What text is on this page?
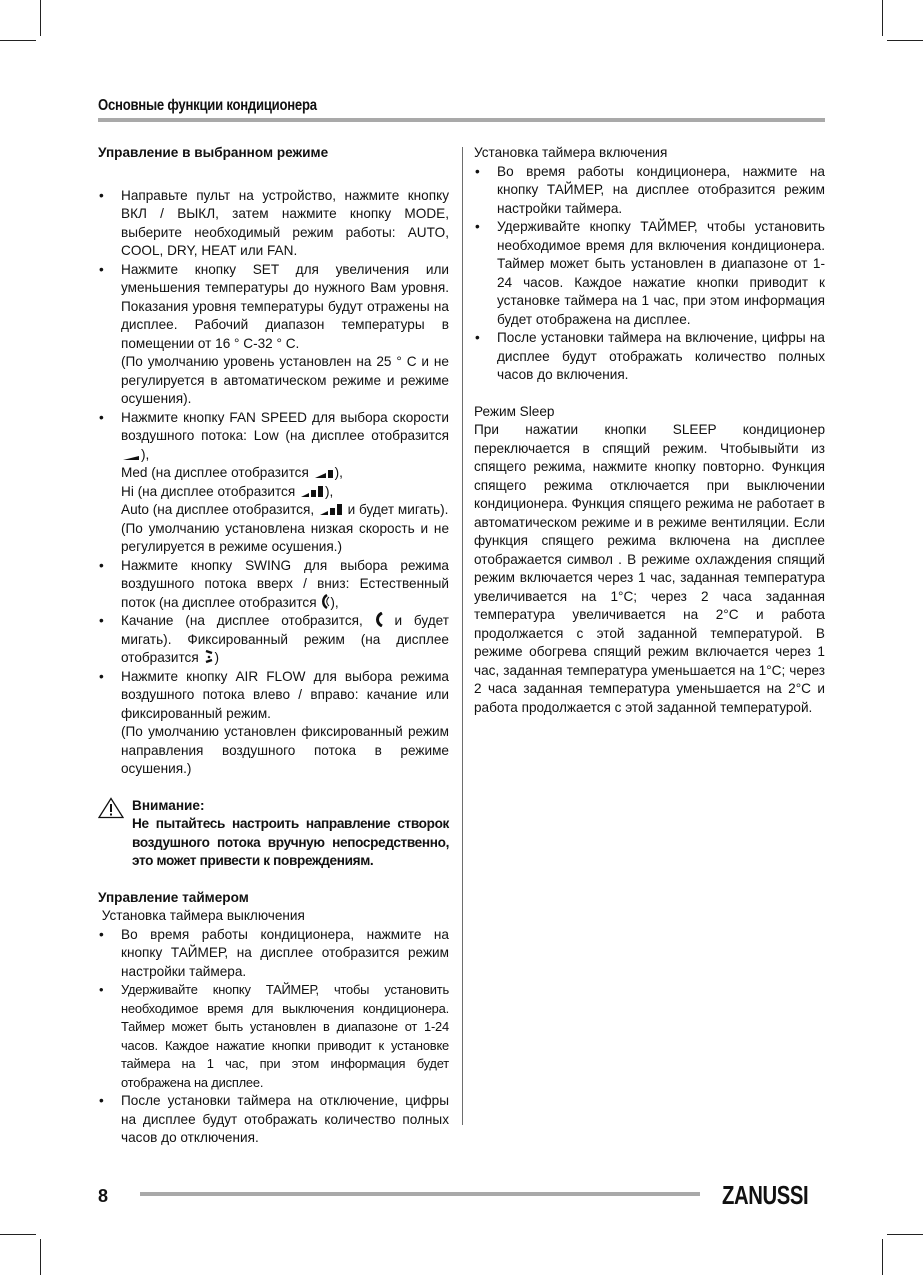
Основные функции кондиционера

Управление в выбранном режиме

• Направьте пульт на устройство, нажмите кнопку ВКЛ / ВЫКЛ, затем нажмите кнопку MODE, выберите необходимый режим работы: AUTO, COOL, DRY, HEAT или FAN.
• Нажмите кнопку SET для увеличения или уменьшения температуры до нужного Вам уровня. Показания уровня температуры будут отражены на дисплее. Рабочий диапазон температуры в помещении от 16 ° С-32 ° С.
(По умолчанию уровень установлен на 25 ° С и не регулируется в автоматическом режиме и режиме осушения).
• Нажмите кнопку FAN SPEED для выбора скорости воздушного потока: Low (на дисплее отобразится ),
Med (на дисплее отобразится ),
Hi (на дисплее отобразится ),
Auto (на дисплее отобразится, и будет мигать).
(По умолчанию установлена низкая скорость и не регулируется в режиме осушения.)
• Нажмите кнопку SWING для выбора режима воздушного потока вверх / вниз: Естественный поток (на дисплее отобразится ),
• Качание (на дисплее отобразится, и будет мигать). Фиксированный режим (на дисплее отобразится )
• Нажмите кнопку AIR FLOW для выбора режима воздушного потока влево / вправо: качание или фиксированный режим.
(По умолчанию установлен фиксированный режим направления воздушного потока в режиме осушения.)
Внимание:
Не пытайтесь настроить направление створок воздушного потока вручную непосредственно, это может привести к повреждениям.

Управление таймером

Установка таймера выключения

• Во время работы кондиционера, нажмите на кнопку ТАЙМЕР, на дисплее отобразится режим настройки таймера.
• Удерживайте кнопку ТАЙМЕР, чтобы установить необходимое время для выключения кондиционера. Таймер может быть установлен в диапазоне от 1-24 часов. Каждое нажатие кнопки приводит к установке таймера на 1 час, при этом информация будет отображена на дисплее.
• После установки таймера на отключение, цифры на дисплее будут отображать количество полных часов до отключения.

Установка таймера включения

• Во время работы кондиционера, нажмите на кнопку ТАЙМЕР, на дисплее отобразится режим настройки таймера.
• Удерживайте кнопку ТАЙМЕР, чтобы установить необходимое время для включения кондиционера. Таймер может быть установлен в диапазоне от 1-24 часов. Каждое нажатие кнопки приводит к установке таймера на 1 час, при этом информация будет отображена на дисплее.
• После установки таймера на включение, цифры на дисплее будут отображать количество полных часов до включения.

Режим Sleep

При нажатии кнопки SLEEP кондиционер переключается в спящий режим. Чтобывыйти из спящего режима, нажмите кнопку повторно. Функция спящего режима отключается при выключении кондиционера. Функция спящего режима не работает в автоматическом режиме и в режиме вентиляции. Если функция спящего режима включена на дисплее отображается символ . В режиме охлаждения спящий режим включается через 1 час, заданная температура увеличивается на 1°С; через 2 часа заданная температура увеличивается на 2°С и работа продолжается с этой заданной температурой. В режиме обогрева спящий режим включается через 1 час, заданная температура уменьшается на 1°С; через 2 часа заданная температура уменьшается на 2°С и работа продолжается с этой заданной температурой.

8	ZANUSSI
